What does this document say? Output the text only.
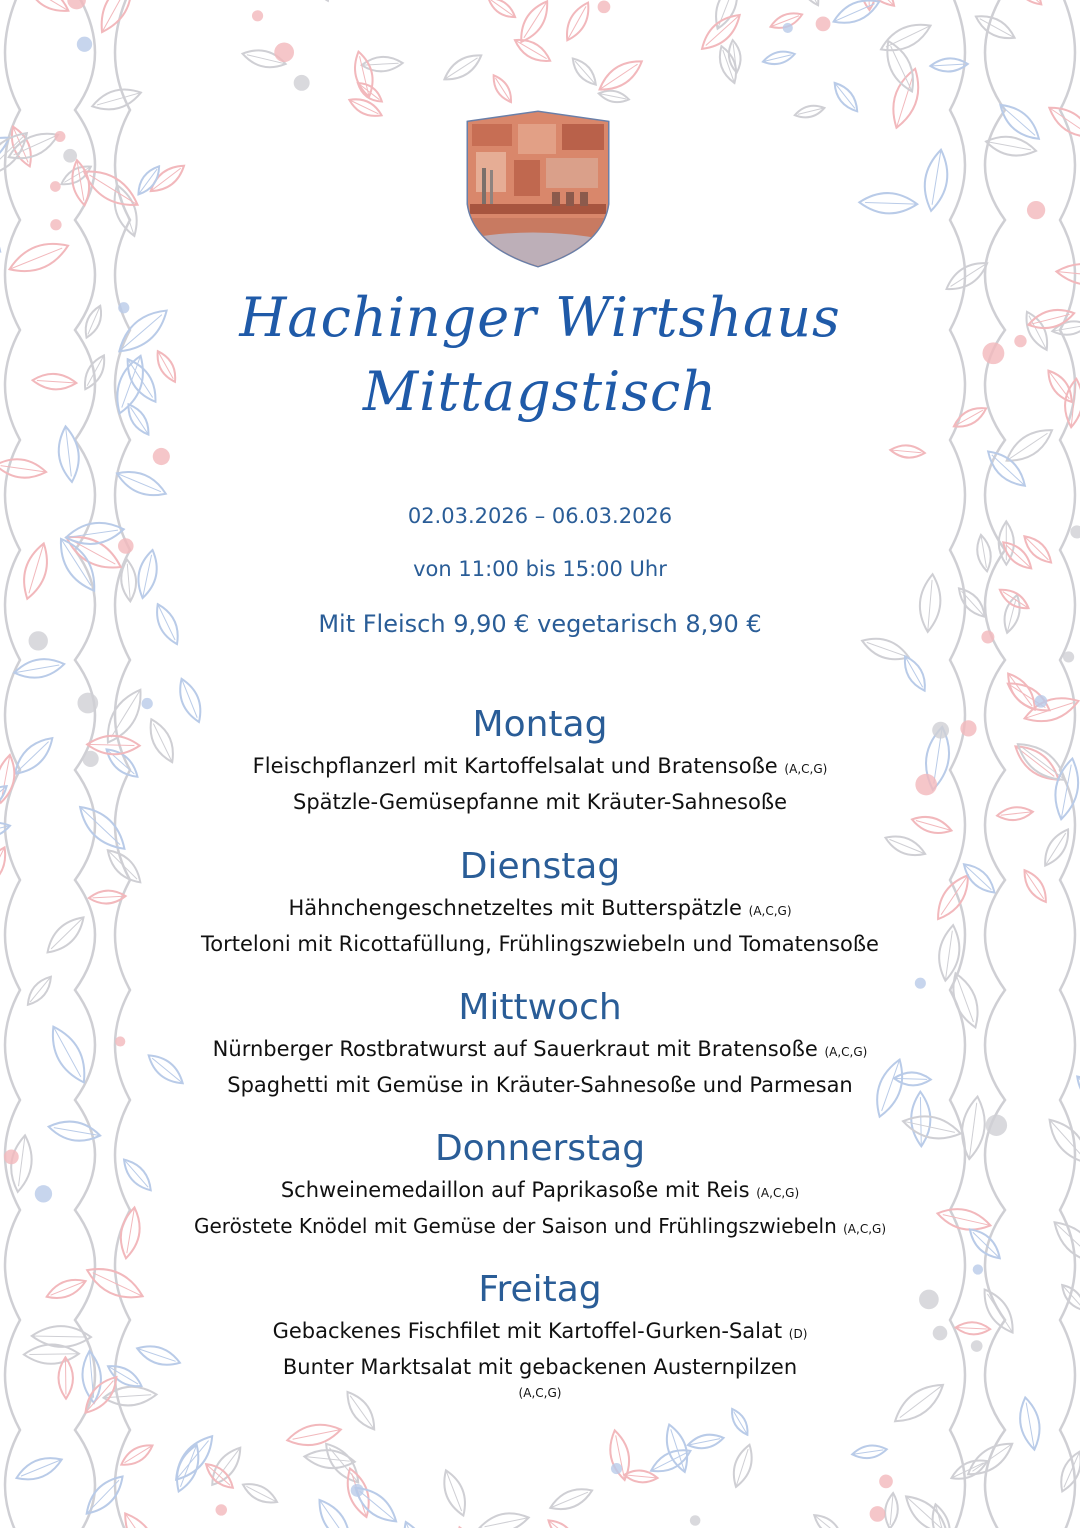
Hachinger Wirtshaus
Mittagstisch
02.03.2026 – 06.03.2026
von 11:00 bis 15:00 Uhr
Mit Fleisch 9,90 € vegetarisch 8,90 €
Montag
Fleischpflanzerl mit Kartoffelsalat und Bratensoße (A,C,G)
Spätzle-Gemüsepfanne mit Kräuter-Sahnesoße
Dienstag
Hähnchengeschnetzeltes mit Butterspätzle (A,C,G)
Torteloni mit Ricottafüllung, Frühlingszwiebeln und Tomatensoße
Mittwoch
Nürnberger Rostbratwurst auf Sauerkraut mit Bratensoße (A,C,G)
Spaghetti mit Gemüse in Kräuter-Sahnesoße und Parmesan
Donnerstag
Schweinemedaillon auf Paprikasoße mit Reis (A,C,G)
Geröstete Knödel mit Gemüse der Saison und Frühlingszwiebeln (A,C,G)
Freitag
Gebackenes Fischfilet mit Kartoffel-Gurken-Salat (D)
Bunter Marktsalat mit gebackenen Austernpilzen
(A,C,G)
